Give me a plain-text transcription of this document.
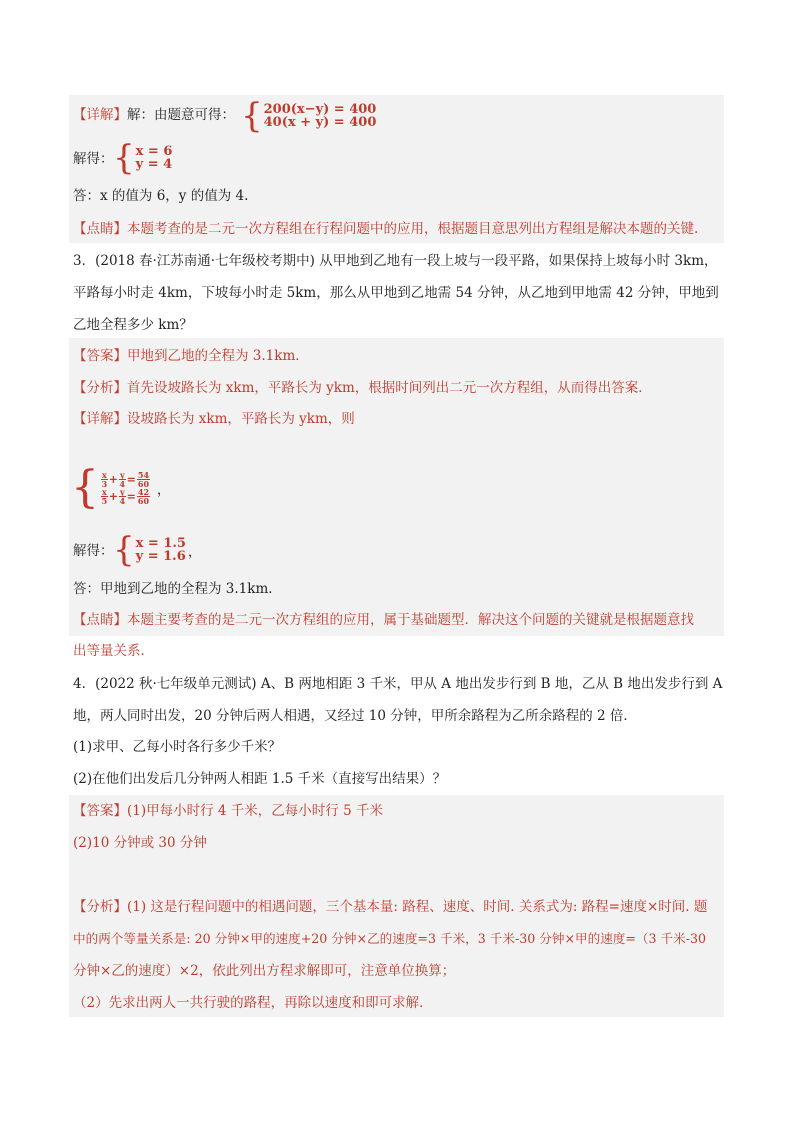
【详解】解：由题意可得： { 200(x−y) = 400
40(x + y) = 400
解得： { x = 6
y = 4
答：x 的值为 6，y 的值为 4.
【点睛】本题考查的是二元一次方程组在行程问题中的应用，根据题目意思列出方程组是解决本题的关键.
3．(2018 春·江苏南通·七年级校考期中) 从甲地到乙地有一段上坡与一段平路，如果保持上坡每小时 3km，
平路每小时走 4km，下坡每小时走 5km，那么从甲地到乙地需 54 分钟，从乙地到甲地需 42 分钟，甲地到
乙地全程多少 km？
【答案】甲地到乙地的全程为 3.1km．
【分析】首先设坡路长为 xkm，平路长为 ykm，根据时间列出二元一次方程组，从而得出答案．
【详解】设坡路长为 xkm，平路长为 ykm，则
{ $\frac{x}{3} + \frac{y}{4} = \frac{54}{60}$
$\frac{x}{5} + \frac{y}{4} = \frac{42}{60}$ ，
解得： { x = 1.5
y = 1.6 ，
答：甲地到乙地的全程为 3.1km．
【点睛】本题主要考查的是二元一次方程组的应用，属于基础题型．解决这个问题的关键就是根据题意找
出等量关系．
4．(2022 秋·七年级单元测试) A、B 两地相距 3 千米，甲从 A 地出发步行到 B 地，乙从 B 地出发步行到 A
地，两人同时出发，20 分钟后两人相遇，又经过 10 分钟，甲所余路程为乙所余路程的 2 倍．
(1)求甲、乙每小时各行多少千米？
(2)在他们出发后几分钟两人相距 1.5 千米（直接写出结果）？
【答案】(1)甲每小时行 4 千米，乙每小时行 5 千米
(2)10 分钟或 30 分钟
【分析】(1) 这是行程问题中的相遇问题，三个基本量: 路程、速度、时间. 关系式为: 路程=速度×时间. 题
中的两个等量关系是: 20 分钟×甲的速度+20 分钟×乙的速度=3 千米，3 千米-30 分钟×甲的速度=（3 千米-30
分钟×乙的速度）×2，依此列出方程求解即可，注意单位换算；
（2）先求出两人一共行驶的路程，再除以速度和即可求解．
